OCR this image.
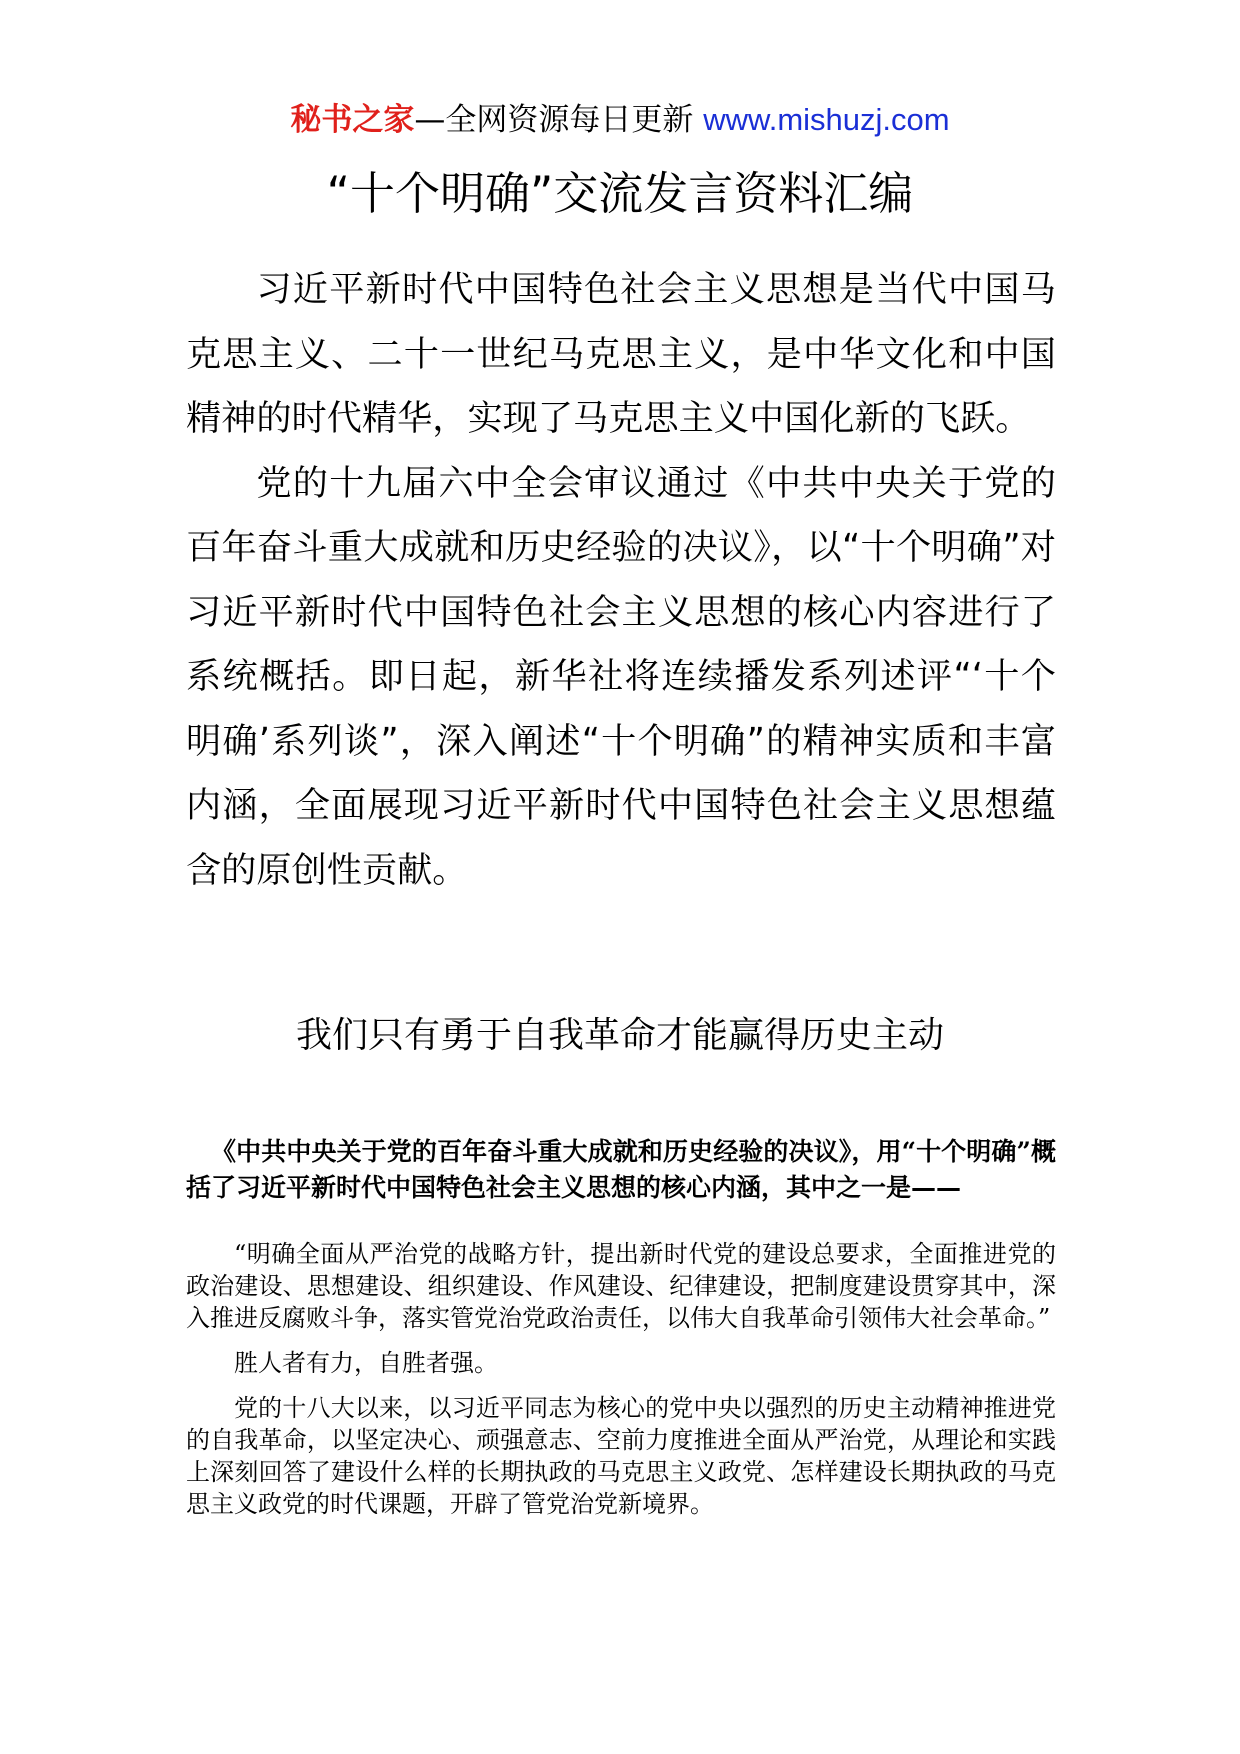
秘书之家—全网资源每日更新 www.mishuzj.com
“十个明确”交流发言资料汇编

习近平新时代中国特色社会主义思想是当代中国马克思主义、二十一世纪马克思主义，是中华文化和中国精神的时代精华，实现了马克思主义中国化新的飞跃。

党的十九届六中全会审议通过《中共中央关于党的百年奋斗重大成就和历史经验的决议》，以“十个明确”对习近平新时代中国特色社会主义思想的核心内容进行了系统概括。即日起，新华社将连续播发系列述评“‘十个明确’系列谈”，深入阐述“十个明确”的精神实质和丰富内涵，全面展现习近平新时代中国特色社会主义思想蕴含的原创性贡献。

我们只有勇于自我革命才能赢得历史主动

《中共中央关于党的百年奋斗重大成就和历史经验的决议》，用“十个明确”概括了习近平新时代中国特色社会主义思想的核心内涵，其中之一是——

“明确全面从严治党的战略方针，提出新时代党的建设总要求，全面推进党的政治建设、思想建设、组织建设、作风建设、纪律建设，把制度建设贯穿其中，深入推进反腐败斗争，落实管党治党政治责任，以伟大自我革命引领伟大社会革命。”

胜人者有力，自胜者强。

党的十八大以来，以习近平同志为核心的党中央以强烈的历史主动精神推进党的自我革命，以坚定决心、顽强意志、空前力度推进全面从严治党，从理论和实践上深刻回答了建设什么样的长期执政的马克思主义政党、怎样建设长期执政的马克思主义政党的时代课题，开辟了管党治党新境界。
